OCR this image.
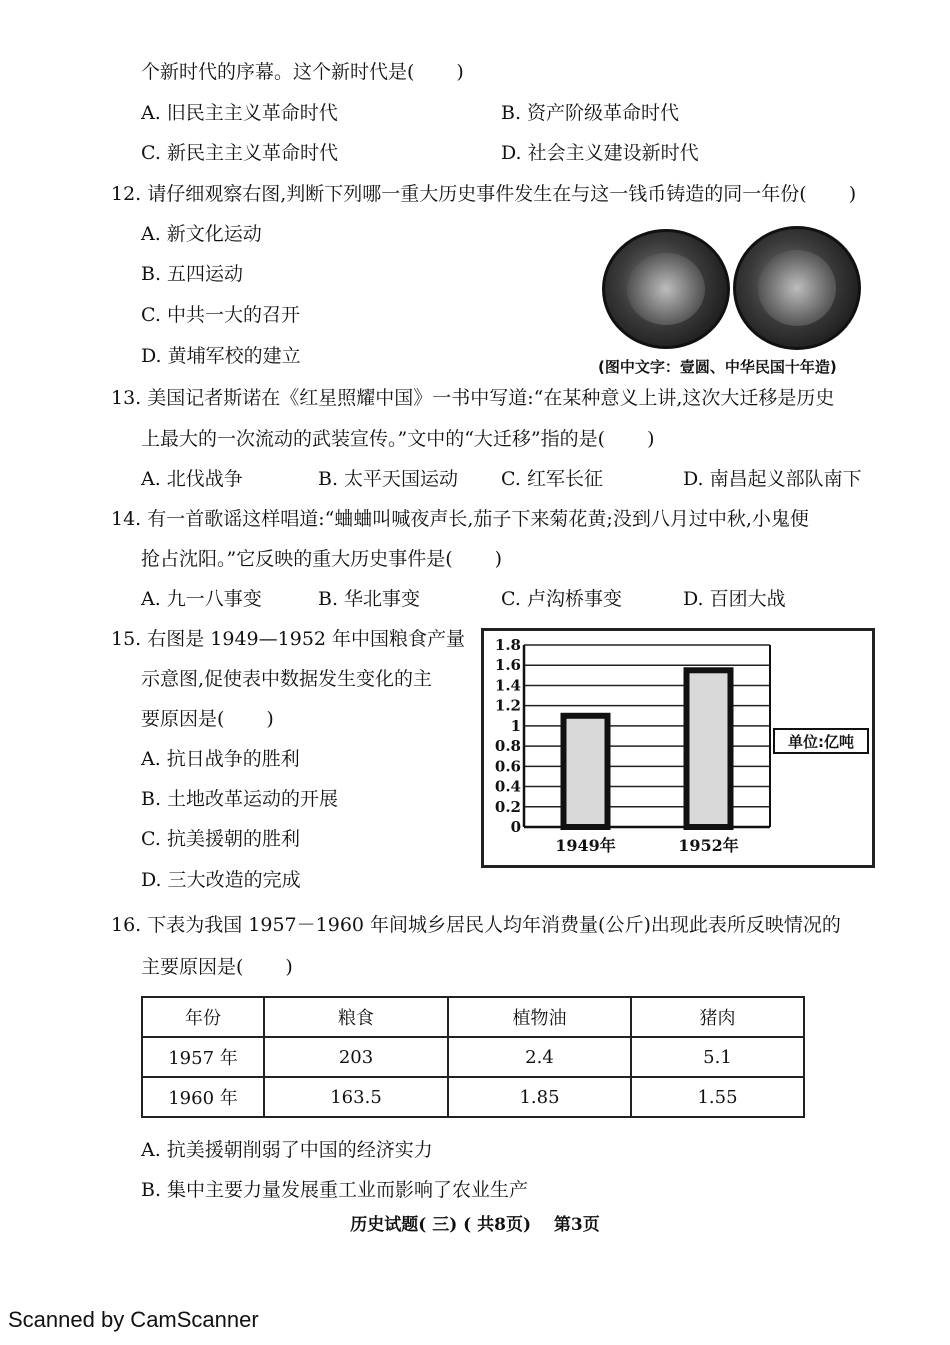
个新时代的序幕。这个新时代是( )
A. 旧民主主义革命时代	B. 资产阶级革命时代
C. 新民主主义革命时代	D. 社会主义建设新时代
12. 请仔细观察右图,判断下列哪一重大历史事件发生在与这一钱币铸造的同一年份( )
A. 新文化运动
B. 五四运动
C. 中共一大的召开
D. 黄埔军校的建立	(图中文字：壹圆、中华民国十年造)
13. 美国记者斯诺在《红星照耀中国》一书中写道:“在某种意义上讲,这次大迁移是历史
上最大的一次流动的武装宣传。”文中的“大迁移”指的是( )
A. 北伐战争	B. 太平天国运动 C. 红军长征	D. 南昌起义部队南下
14. 有一首歌谣这样唱道:“蛐蛐叫喊夜声长,茄子下来菊花黄;没到八月过中秋,小鬼便
抢占沈阳。”它反映的重大历史事件是( )
A. 九一八事变	B. 华北事变	C. 卢沟桥事变	D. 百团大战
15. 右图是 1949—1952 年中国粮食产量
示意图,促使表中数据发生变化的主
要原因是( )
A. 抗日战争的胜利
B. 土地改革运动的开展
C. 抗美援朝的胜利
D. 三大改造的完成
0
0.2
0.4
0.6
0.8
1
1.2
1.4
1.6
1.8
1949年	1952年
单位:亿吨
16. 下表为我国 1957－1960 年间城乡居民人均年消费量(公斤)出现此表所反映情况的
主要原因是( )
年份	粮食	植物油	猪肉
1957 年	203	2.4	5.1
1960 年	163.5	1.85	1.55
A. 抗美援朝削弱了中国的经济实力
B. 集中主要力量发展重工业而影响了农业生产
历史试题( 三) ( 共8页)　 第3页
Scanned by CamScanner
